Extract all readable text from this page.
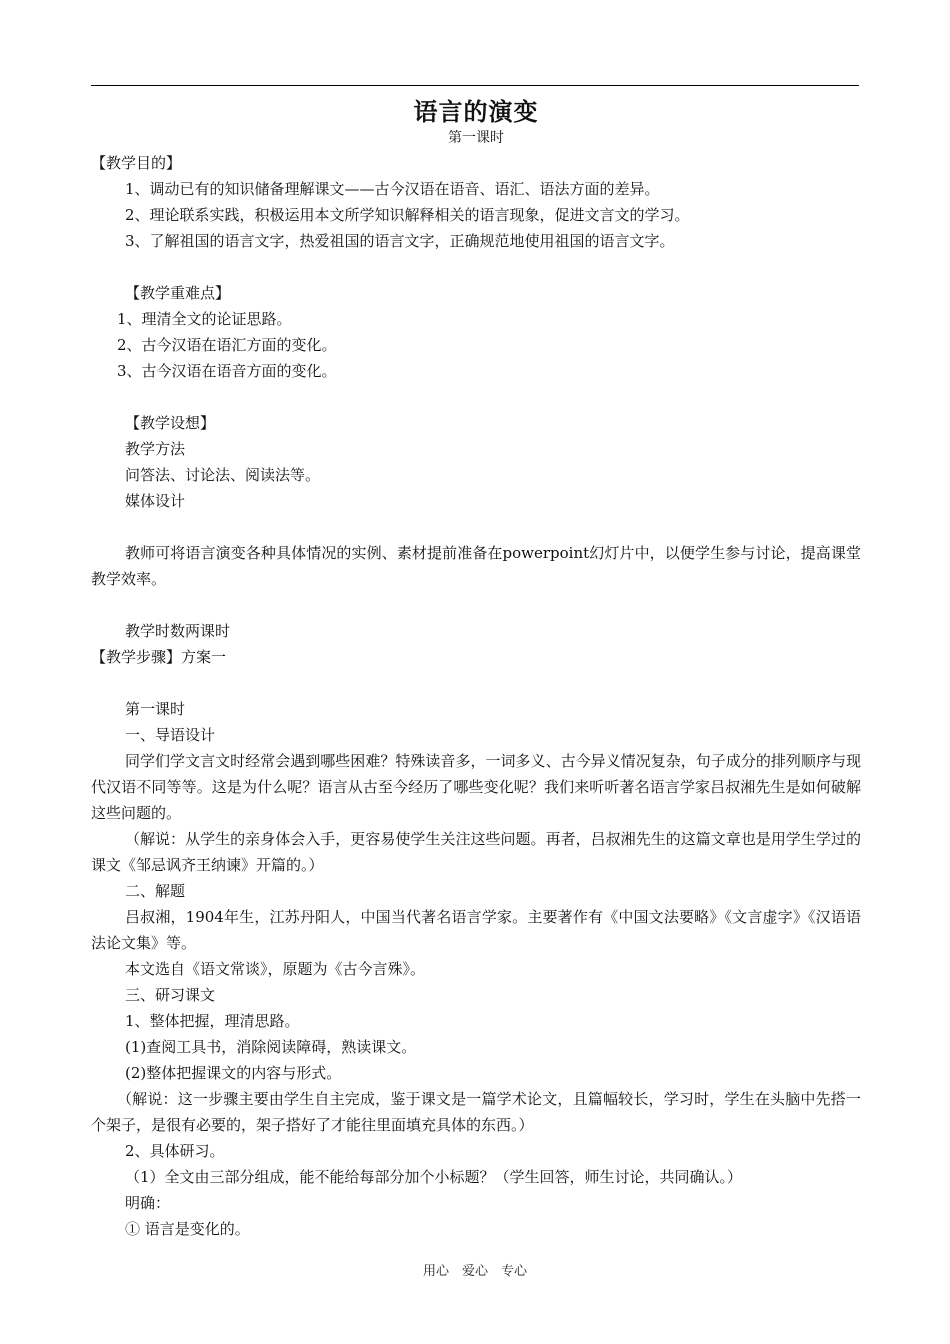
语言的演变
第一课时
【教学目的】
1、调动已有的知识储备理解课文——古今汉语在语音、语汇、语法方面的差异。
2、理论联系实践，积极运用本文所学知识解释相关的语言现象，促进文言文的学习。
3、了解祖国的语言文字，热爱祖国的语言文字，正确规范地使用祖国的语言文字。
【教学重难点】
1、理清全文的论证思路。
2、古今汉语在语汇方面的变化。
3、古今汉语在语音方面的变化。
【教学设想】
教学方法
问答法、讨论法、阅读法等。
媒体设计
教师可将语言演变各种具体情况的实例、素材提前准备在powerpoint幻灯片中，以便学生参与讨论，提高课堂教学效率。
教学时数两课时
【教学步骤】方案一
第一课时
一、导语设计
同学们学文言文时经常会遇到哪些困难？特殊读音多，一词多义、古今异义情况复杂，句子成分的排列顺序与现代汉语不同等等。这是为什么呢？语言从古至今经历了哪些变化呢？我们来听听著名语言学家吕叔湘先生是如何破解这些问题的。
（解说：从学生的亲身体会入手，更容易使学生关注这些问题。再者，吕叔湘先生的这篇文章也是用学生学过的课文《邹忌讽齐王纳谏》开篇的。）
二、解题
吕叔湘，1904年生，江苏丹阳人，中国当代著名语言学家。主要著作有《中国文法要略》《文言虚字》《汉语语法论文集》等。
本文选自《语文常谈》，原题为《古今言殊》。
三、研习课文
1、整体把握，理清思路。
(1)查阅工具书，消除阅读障碍，熟读课文。
(2)整体把握课文的内容与形式。
（解说：这一步骤主要由学生自主完成，鉴于课文是一篇学术论文，且篇幅较长，学习时，学生在头脑中先搭一个架子，是很有必要的，架子搭好了才能往里面填充具体的东西。）
2、具体研习。
（1）全文由三部分组成，能不能给每部分加个小标题？（学生回答，师生讨论，共同确认。）
明确：
① 语言是变化的。
用心　爱心　专心
